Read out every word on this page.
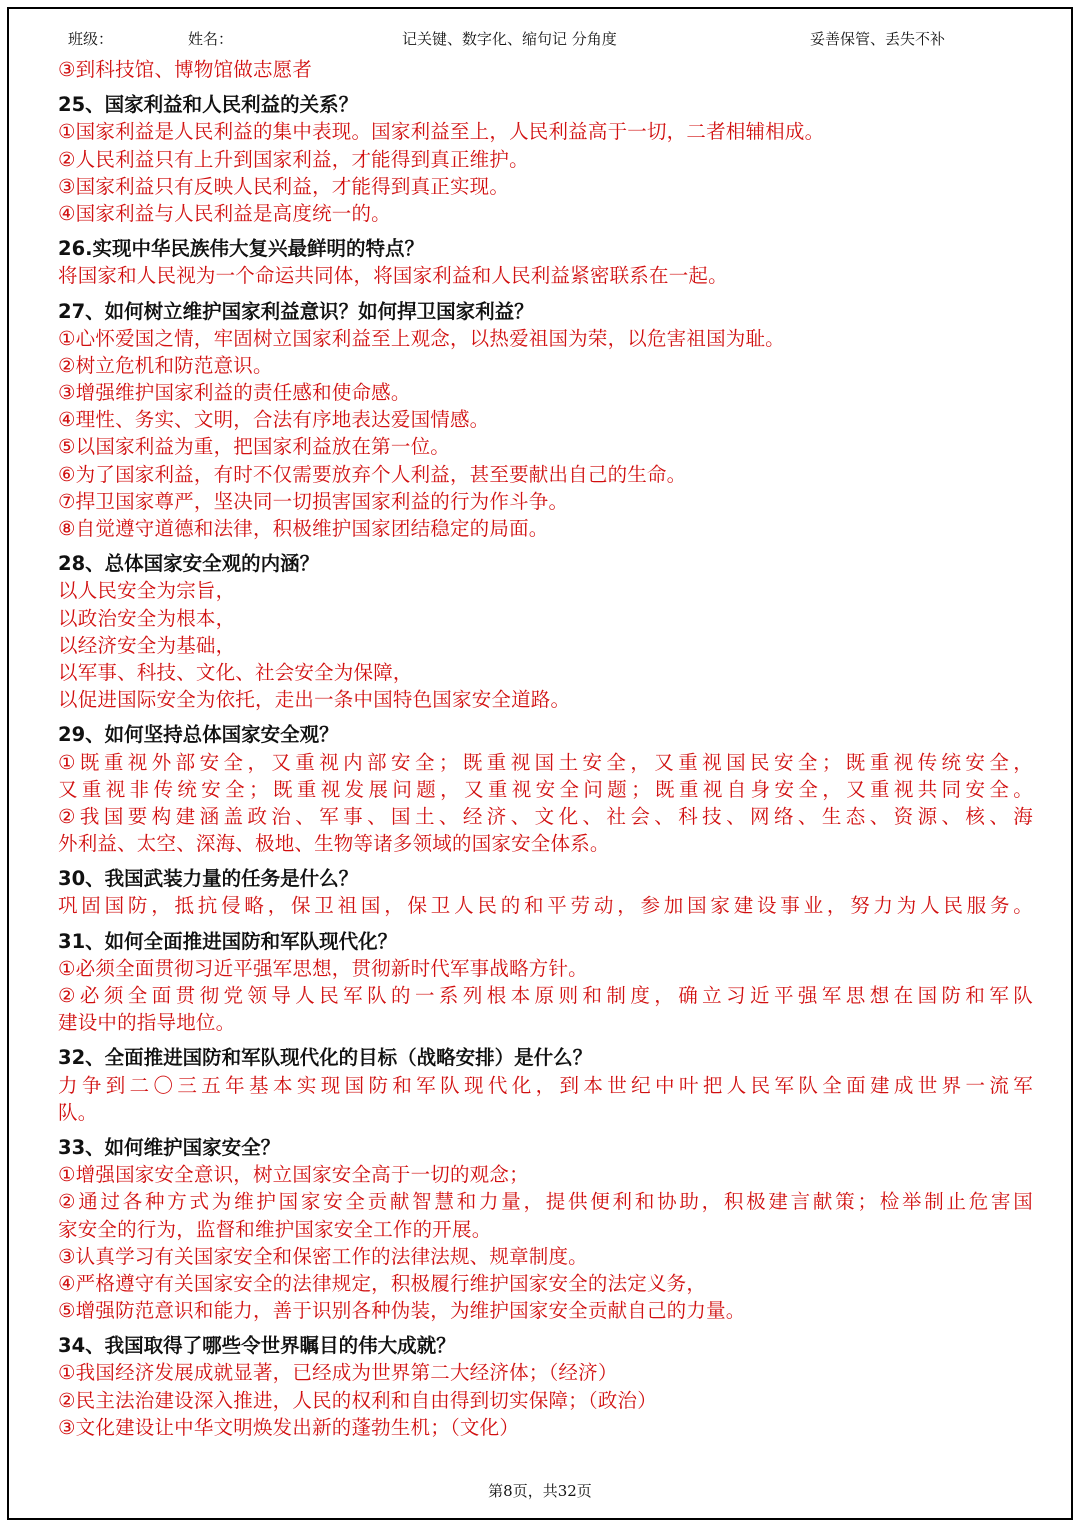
班级：	姓名：	记关键、数字化、缩句记 分角度	妥善保管、丢失不补
③到科技馆、博物馆做志愿者
25、国家利益和人民利益的关系？
①国家利益是人民利益的集中表现。国家利益至上，人民利益高于一切，二者相辅相成。
②人民利益只有上升到国家利益，才能得到真正维护。
③国家利益只有反映人民利益，才能得到真正实现。
④国家利益与人民利益是高度统一的。
26.实现中华民族伟大复兴最鲜明的特点？
将国家和人民视为一个命运共同体，将国家利益和人民利益紧密联系在一起。
27、如何树立维护国家利益意识？如何捍卫国家利益？
①心怀爱国之情，牢固树立国家利益至上观念，以热爱祖国为荣，以危害祖国为耻。
②树立危机和防范意识。
③增强维护国家利益的责任感和使命感。
④理性、务实、文明，合法有序地表达爱国情感。
⑤以国家利益为重，把国家利益放在第一位。
⑥为了国家利益，有时不仅需要放弃个人利益，甚至要献出自己的生命。
⑦捍卫国家尊严，坚决同一切损害国家利益的行为作斗争。
⑧自觉遵守道德和法律，积极维护国家团结稳定的局面。
28、总体国家安全观的内涵？
以人民安全为宗旨，
以政治安全为根本，
以经济安全为基础，
以军事、科技、文化、社会安全为保障，
以促进国际安全为依托，走出一条中国特色国家安全道路。
29、如何坚持总体国家安全观？
①既重视外部安全，又重视内部安全；既重视国土安全，又重视国民安全；既重视传统安全，
又重视非传统安全；既重视发展问题，又重视安全问题；既重视自身安全，又重视共同安全。
②我国要构建涵盖政治、军事、国土、经济、文化、社会、科技、网络、生态、资源、核、海
外利益、太空、深海、极地、生物等诸多领域的国家安全体系。
30、我国武装力量的任务是什么？
巩固国防，抵抗侵略，保卫祖国，保卫人民的和平劳动，参加国家建设事业，努力为人民服务。
31、如何全面推进国防和军队现代化？
①必须全面贯彻习近平强军思想，贯彻新时代军事战略方针。
②必须全面贯彻党领导人民军队的一系列根本原则和制度，确立习近平强军思想在国防和军队
建设中的指导地位。
32、全面推进国防和军队现代化的目标（战略安排）是什么？
力争到二〇三五年基本实现国防和军队现代化，到本世纪中叶把人民军队全面建成世界一流军
队。
33、如何维护国家安全？
①增强国家安全意识，树立国家安全高于一切的观念；
②通过各种方式为维护国家安全贡献智慧和力量，提供便利和协助，积极建言献策；检举制止危害国
家安全的行为，监督和维护国家安全工作的开展。
③认真学习有关国家安全和保密工作的法律法规、规章制度。
④严格遵守有关国家安全的法律规定，积极履行维护国家安全的法定义务，
⑤增强防范意识和能力，善于识别各种伪装，为维护国家安全贡献自己的力量。
34、我国取得了哪些令世界瞩目的伟大成就？
①我国经济发展成就显著，已经成为世界第二大经济体；（经济）
②民主法治建设深入推进，人民的权利和自由得到切实保障；（政治）
③文化建设让中华文明焕发出新的蓬勃生机；（文化）
第8页，共32页
